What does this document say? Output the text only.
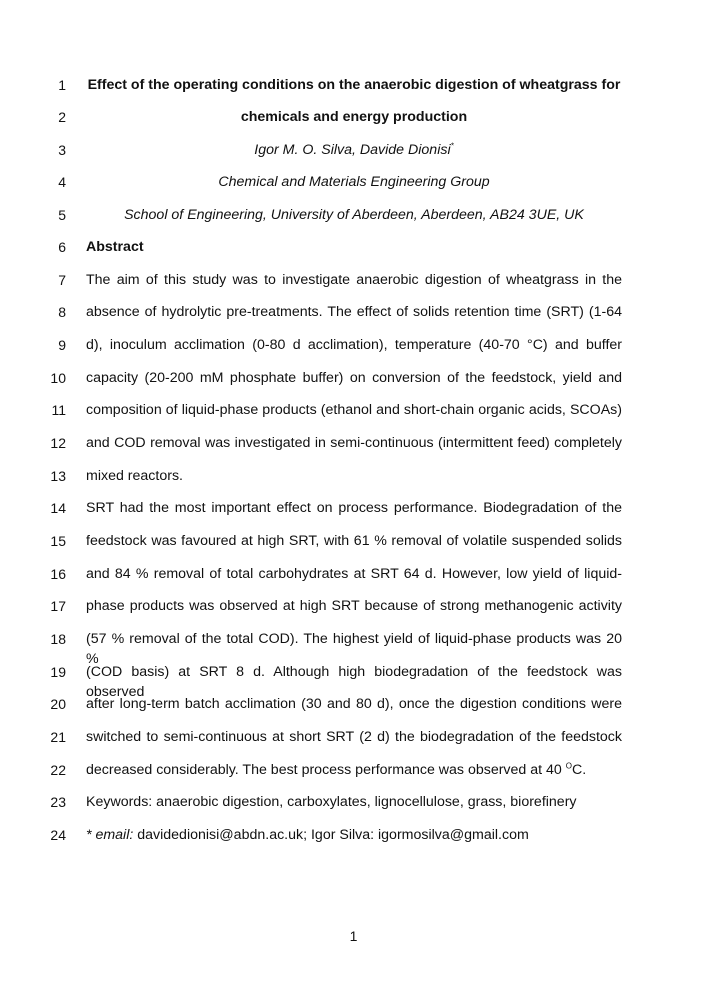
1 Effect of the operating conditions on the anaerobic digestion of wheatgrass for
2	chemicals and energy production
3	Igor M. O. Silva, Davide Dionisi*
4	Chemical and Materials Engineering Group
5	School of Engineering, University of Aberdeen, Aberdeen, AB24 3UE, UK
6 Abstract
7 The aim of this study was to investigate anaerobic digestion of wheatgrass in the
8 absence of hydrolytic pre-treatments. The effect of solids retention time (SRT) (1-64
9 d), inoculum acclimation (0-80 d acclimation), temperature (40-70 °C) and buffer
10 capacity (20-200 mM phosphate buffer) on conversion of the feedstock, yield and
11 composition of liquid-phase products (ethanol and short-chain organic acids, SCOAs)
12 and COD removal was investigated in semi-continuous (intermittent feed) completely
13 mixed reactors.
14 SRT had the most important effect on process performance. Biodegradation of the
15 feedstock was favoured at high SRT, with 61 % removal of volatile suspended solids
16 and 84 % removal of total carbohydrates at SRT 64 d. However, low yield of liquid-
17 phase products was observed at high SRT because of strong methanogenic activity
18 (57 % removal of the total COD). The highest yield of liquid-phase products was 20 %
19 (COD basis) at SRT 8 d. Although high biodegradation of the feedstock was observed
20 after long-term batch acclimation (30 and 80 d), once the digestion conditions were
21 switched to semi-continuous at short SRT (2 d) the biodegradation of the feedstock
22 decreased considerably. The best process performance was observed at 40 $^O$C.
23 Keywords: anaerobic digestion, carboxylates, lignocellulose, grass, biorefinery
24 * email: davidedionisi@abdn.ac.uk; Igor Silva: igormosilva@gmail.com
1
